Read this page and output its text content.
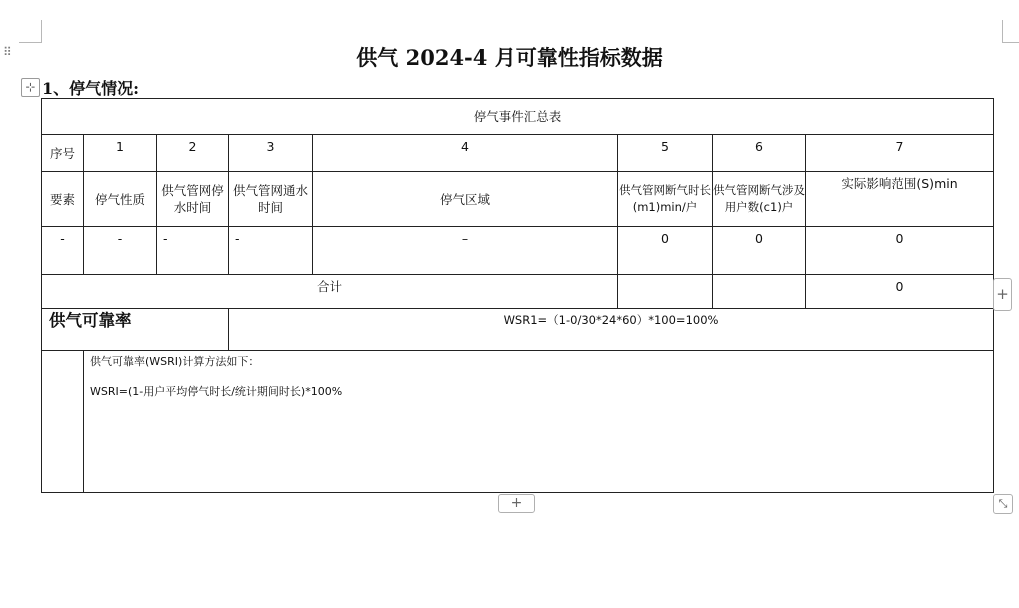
⠿	供气 2024-4 月可靠性指标数据
⊹ 1、停气情况:
停气事件汇总表							
序号	1	2	3	4	5	6	7
要素	停气性质	供气管网停水时间	供气管网通水时间	停气区域	供气管网断气时长(m1)min/户	供气管网断气涉及用户数(c1)户	实际影响范围(S)min
-	-	-	-	–	0	0	0
合计							0
供气可靠率			WSR1=（1-0/30*24*60）*100=100%				
	供气可靠率(WSRI)计算方法如下：
WSRI=(1-用户平均停气时长/统计期间时长)*100%						
+
+	⤡
